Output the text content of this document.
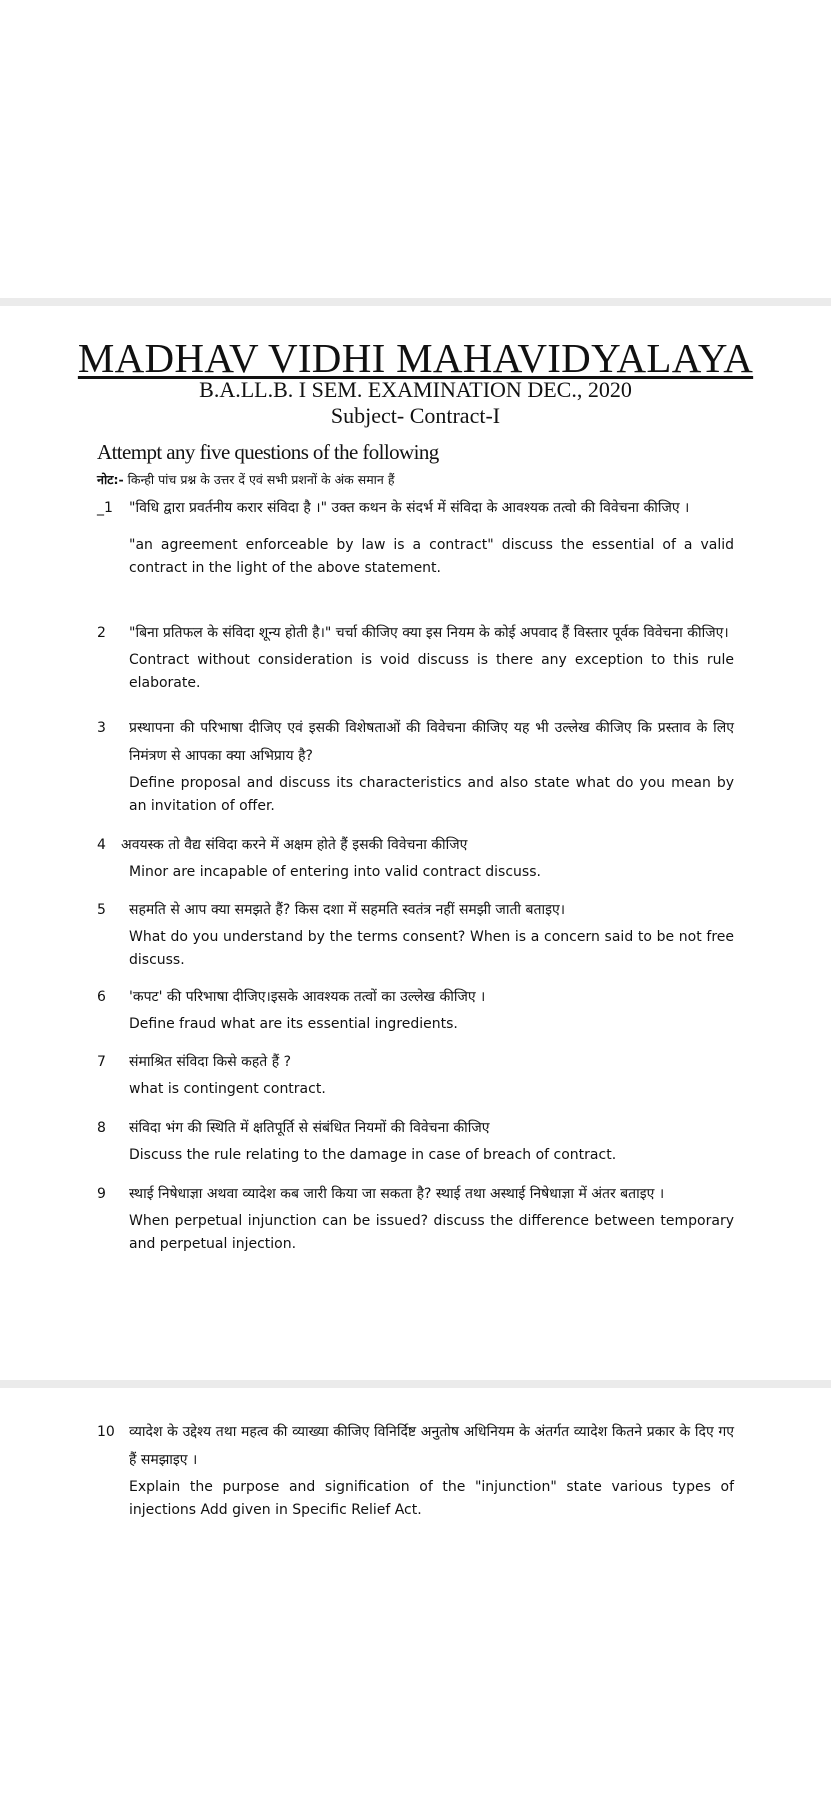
MADHAV VIDHI MAHAVIDYALAYA
B.A.LL.B. I SEM. EXAMINATION DEC., 2020
Subject- Contract-I
Attempt any five questions of the following
नोट:- किन्ही पांच प्रश्न के उत्तर दें एवं सभी प्रशनों के अंक समान हैं
_1 "विधि द्वारा प्रवर्तनीय करार संविदा है ।" उक्त कथन के संदर्भ में संविदा के आवश्यक तत्वो की विवेचना कीजिए ।
"an agreement enforceable by law is a contract" discuss the essential of a valid contract in the light of the above statement.
2 "बिना प्रतिफल के संविदा शून्य होती है।" चर्चा कीजिए क्या इस नियम के कोई अपवाद हैं विस्तार पूर्वक विवेचना कीजिए।
Contract without consideration is void discuss is there any exception to this rule elaborate.
3 प्रस्थापना की परिभाषा दीजिए एवं इसकी विशेषताओं की विवेचना कीजिए यह भी उल्लेख कीजिए कि प्रस्ताव के लिए निमंत्रण से आपका क्या अभिप्राय है?
Define proposal and discuss its characteristics and also state what do you mean by an invitation of offer.
4 अवयस्क तो वैद्य संविदा करने में अक्षम होते हैं इसकी विवेचना कीजिए
Minor are incapable of entering into valid contract discuss.
5 सहमति से आप क्या समझते हैं? किस दशा में सहमति स्वतंत्र नहीं समझी जाती बताइए।
What do you understand by the terms consent? When is a concern said to be not free discuss.
6 'कपट' की परिभाषा दीजिए।इसके आवश्यक तत्वों का उल्लेख कीजिए ।
Define fraud what are its essential ingredients.
7 संमाश्रित संविदा किसे कहते हैं ?
what is contingent contract.
8 संविदा भंग की स्थिति में क्षतिपूर्ति से संबंधित नियमों की विवेचना कीजिए
Discuss the rule relating to the damage in case of breach of contract.
9 स्थाई निषेधाज्ञा अथवा व्यादेश कब जारी किया जा सकता है? स्थाई तथा अस्थाई निषेधाज्ञा में अंतर बताइए ।
When perpetual injunction can be issued? discuss the difference between temporary and perpetual injection.
10 व्यादेश के उद्देश्य तथा महत्व की व्याख्या कीजिए विनिर्दिष्ट अनुतोष अधिनियम के अंतर्गत व्यादेश कितने प्रकार के दिए गए हैं समझाइए ।
Explain the purpose and signification of the "injunction" state various types of injections Add given in Specific Relief Act.
